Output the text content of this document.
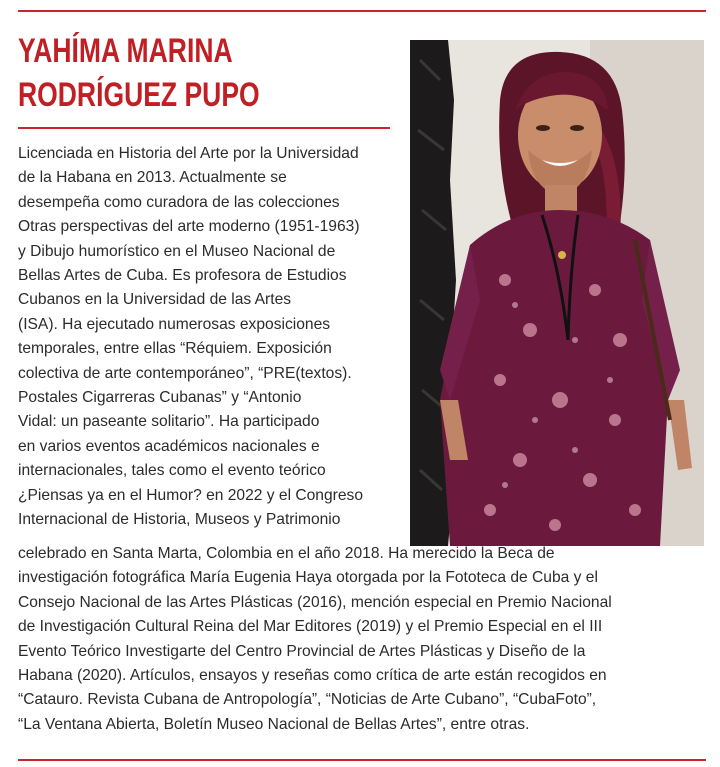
YAHÍMA MARINA
RODRÍGUEZ PUPO
Licenciada en Historia del Arte por la Universidad
de la Habana en 2013. Actualmente se
desempeña como curadora de las colecciones
Otras perspectivas del arte moderno (1951-1963)
y Dibujo humorístico en el Museo Nacional de
Bellas Artes de Cuba. Es profesora de Estudios
Cubanos en la Universidad de las Artes
(ISA). Ha ejecutado numerosas exposiciones
temporales, entre ellas “Réquiem. Exposición
colectiva de arte contemporáneo”, “PRE(textos).
Postales Cigarreras Cubanas” y “Antonio
Vidal: un paseante solitario”. Ha participado
en varios eventos académicos nacionales e
internacionales, tales como el evento teórico
¿Piensas ya en el Humor? en 2022 y el Congreso
Internacional de Historia, Museos y Patrimonio
celebrado en Santa Marta, Colombia en el año 2018. Ha merecido la Beca de
investigación fotográfica María Eugenia Haya otorgada por la Fototeca de Cuba y el
Consejo Nacional de las Artes Plásticas (2016), mención especial en Premio Nacional
de Investigación Cultural Reina del Mar Editores (2019) y el Premio Especial en el III
Evento Teórico Investigarte del Centro Provincial de Artes Plásticas y Diseño de la
Habana (2020). Artículos, ensayos y reseñas como crítica de arte están recogidos en
“Catauro. Revista Cubana de Antropología”, “Noticias de Arte Cubano”, “CubaFoto”,
“La Ventana Abierta, Boletín Museo Nacional de Bellas Artes”, entre otras.
